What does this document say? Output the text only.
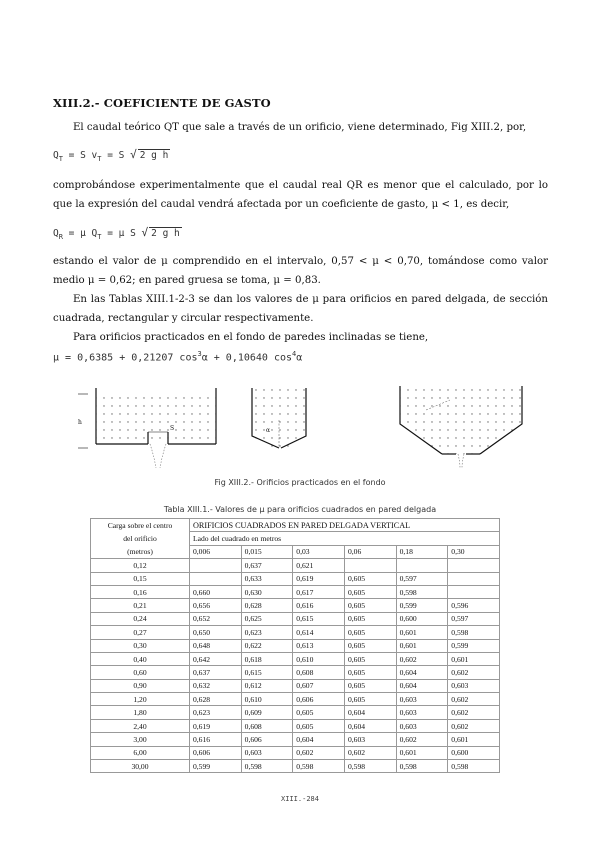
XIII.2.- COEFICIENTE DE GASTO
El caudal teórico QT que sale a través de un orificio, viene determinado, Fig XIII.2, por,
$Q_T = S$ $v_T = S$ √ 2 g h
comprobándose experimentalmente que el caudal real QR es menor que el calculado, por lo que la expresión del caudal vendrá afectada por un coeficiente de gasto, μ < 1, es decir,
$Q_R = \mu$ $Q_T = \mu$ S √ 2 g h
estando el valor de μ comprendido en el intervalo, 0,57 < μ < 0,70, tomándose como valor medio μ = 0,62; en pared gruesa se toma, μ = 0,83.
En las Tablas XIII.1-2-3 se dan los valores de μ para orificios en pared delgada, de sección cuadrada, rectangular y circular respectivamente.
Para orificios practicados en el fondo de paredes inclinadas se tiene,
μ = 0,6385 + 0,21207 $\cos^3\alpha + 0,10640$ $\cos^4\alpha$
h
S	α
Fig XIII.2.- Orificios practicados en el fondo
Tabla XIII.1.- Valores de μ para orificios cuadrados en pared delgada
Carga sobre el centro	ORIFICIOS CUADRADOS EN PARED DELGADA VERTICAL					
del orificio	Lado del cuadrado en metros					
(metros)	0,006	0,015	0,03	0,06	0,18	0,30
0,12		0,637	0,621			
0,15		0,633	0,619	0,605	0,597	
0,16	0,660	0,630	0,617	0,605	0,598	
0,21	0,656	0,628	0,616	0,605	0,599	0,596
0,24	0,652	0,625	0,615	0,605	0,600	0,597
0,27	0,650	0,623	0,614	0,605	0,601	0,598
0,30	0,648	0,622	0,613	0,605	0,601	0,599
0,40	0,642	0,618	0,610	0,605	0,602	0,601
0,60	0,637	0,615	0,608	0,605	0,604	0,602
0,90	0,632	0,612	0,607	0,605	0,604	0,603
1,20	0,628	0,610	0,606	0,605	0,603	0,602
1,80	0,623	0,609	0,605	0,604	0,603	0,602
2,40	0,619	0,608	0,605	0,604	0,603	0,602
3,00	0,616	0,606	0,604	0,603	0,602	0,601
6,00	0,606	0,603	0,602	0,602	0,601	0,600
30,00	0,599	0,598	0,598	0,598	0,598	0,598
XIII.-284
